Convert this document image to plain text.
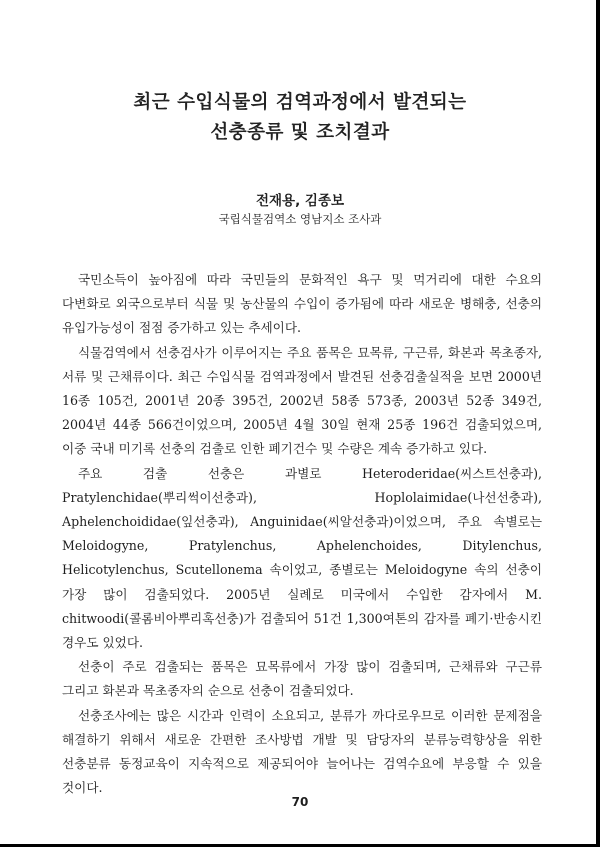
최근 수입식물의 검역과정에서 발견되는
선충종류 및 조치결과
전재용, 김종보
국립식물검역소 영남지소 조사과

국민소득이 높아짐에 따라 국민들의 문화적인 욕구 및 먹거리에 대한 수요의 다변화로 외국으로부터 식물 및 농산물의 수입이 증가됨에 따라 새로운 병해충, 선충의 유입가능성이 점점 증가하고 있는 추세이다.

식물검역에서 선충검사가 이루어지는 주요 품목은 묘목류, 구근류, 화본과 목초종자, 서류 및 근채류이다. 최근 수입식물 검역과정에서 발견된 선충검출실적을 보면 2000년 16종 105건, 2001년 20종 395건, 2002년 58종 573종, 2003년 52종 349건, 2004년 44종 566건이었으며, 2005년 4월 30일 현재 25종 196건 검출되었으며, 이중 국내 미기록 선충의 검출로 인한 폐기건수 및 수량은 계속 증가하고 있다.

주요 검출 선충은 과별로 Heteroderidae(씨스트선충과), Pratylenchidae(뿌리썩이선충과), Hoplolaimidae(나선선충과), Aphelenchoididae(잎선충과), Anguinidae(씨알선충과)이었으며, 주요 속별로는 Meloidogyne, Pratylenchus, Aphelenchoides, Ditylenchus, Helicotylenchus, Scutellonema 속이었고, 종별로는 Meloidogyne 속의 선충이 가장 많이 검출되었다. 2005년 실례로 미국에서 수입한 감자에서 M. chitwoodi(콜롬비아뿌리혹선충)가 검출되어 51건 1,300여톤의 감자를 폐기·반송시킨 경우도 있었다.

선충이 주로 검출되는 품목은 묘목류에서 가장 많이 검출되며, 근채류와 구근류 그리고 화본과 목초종자의 순으로 선충이 검출되었다.

선충조사에는 많은 시간과 인력이 소요되고, 분류가 까다로우므로 이러한 문제점을 해결하기 위해서 새로운 간편한 조사방법 개발 및 담당자의 분류능력향상을 위한 선충분류 동정교육이 지속적으로 제공되어야 늘어나는 검역수요에 부응할 수 있을 것이다.

70
